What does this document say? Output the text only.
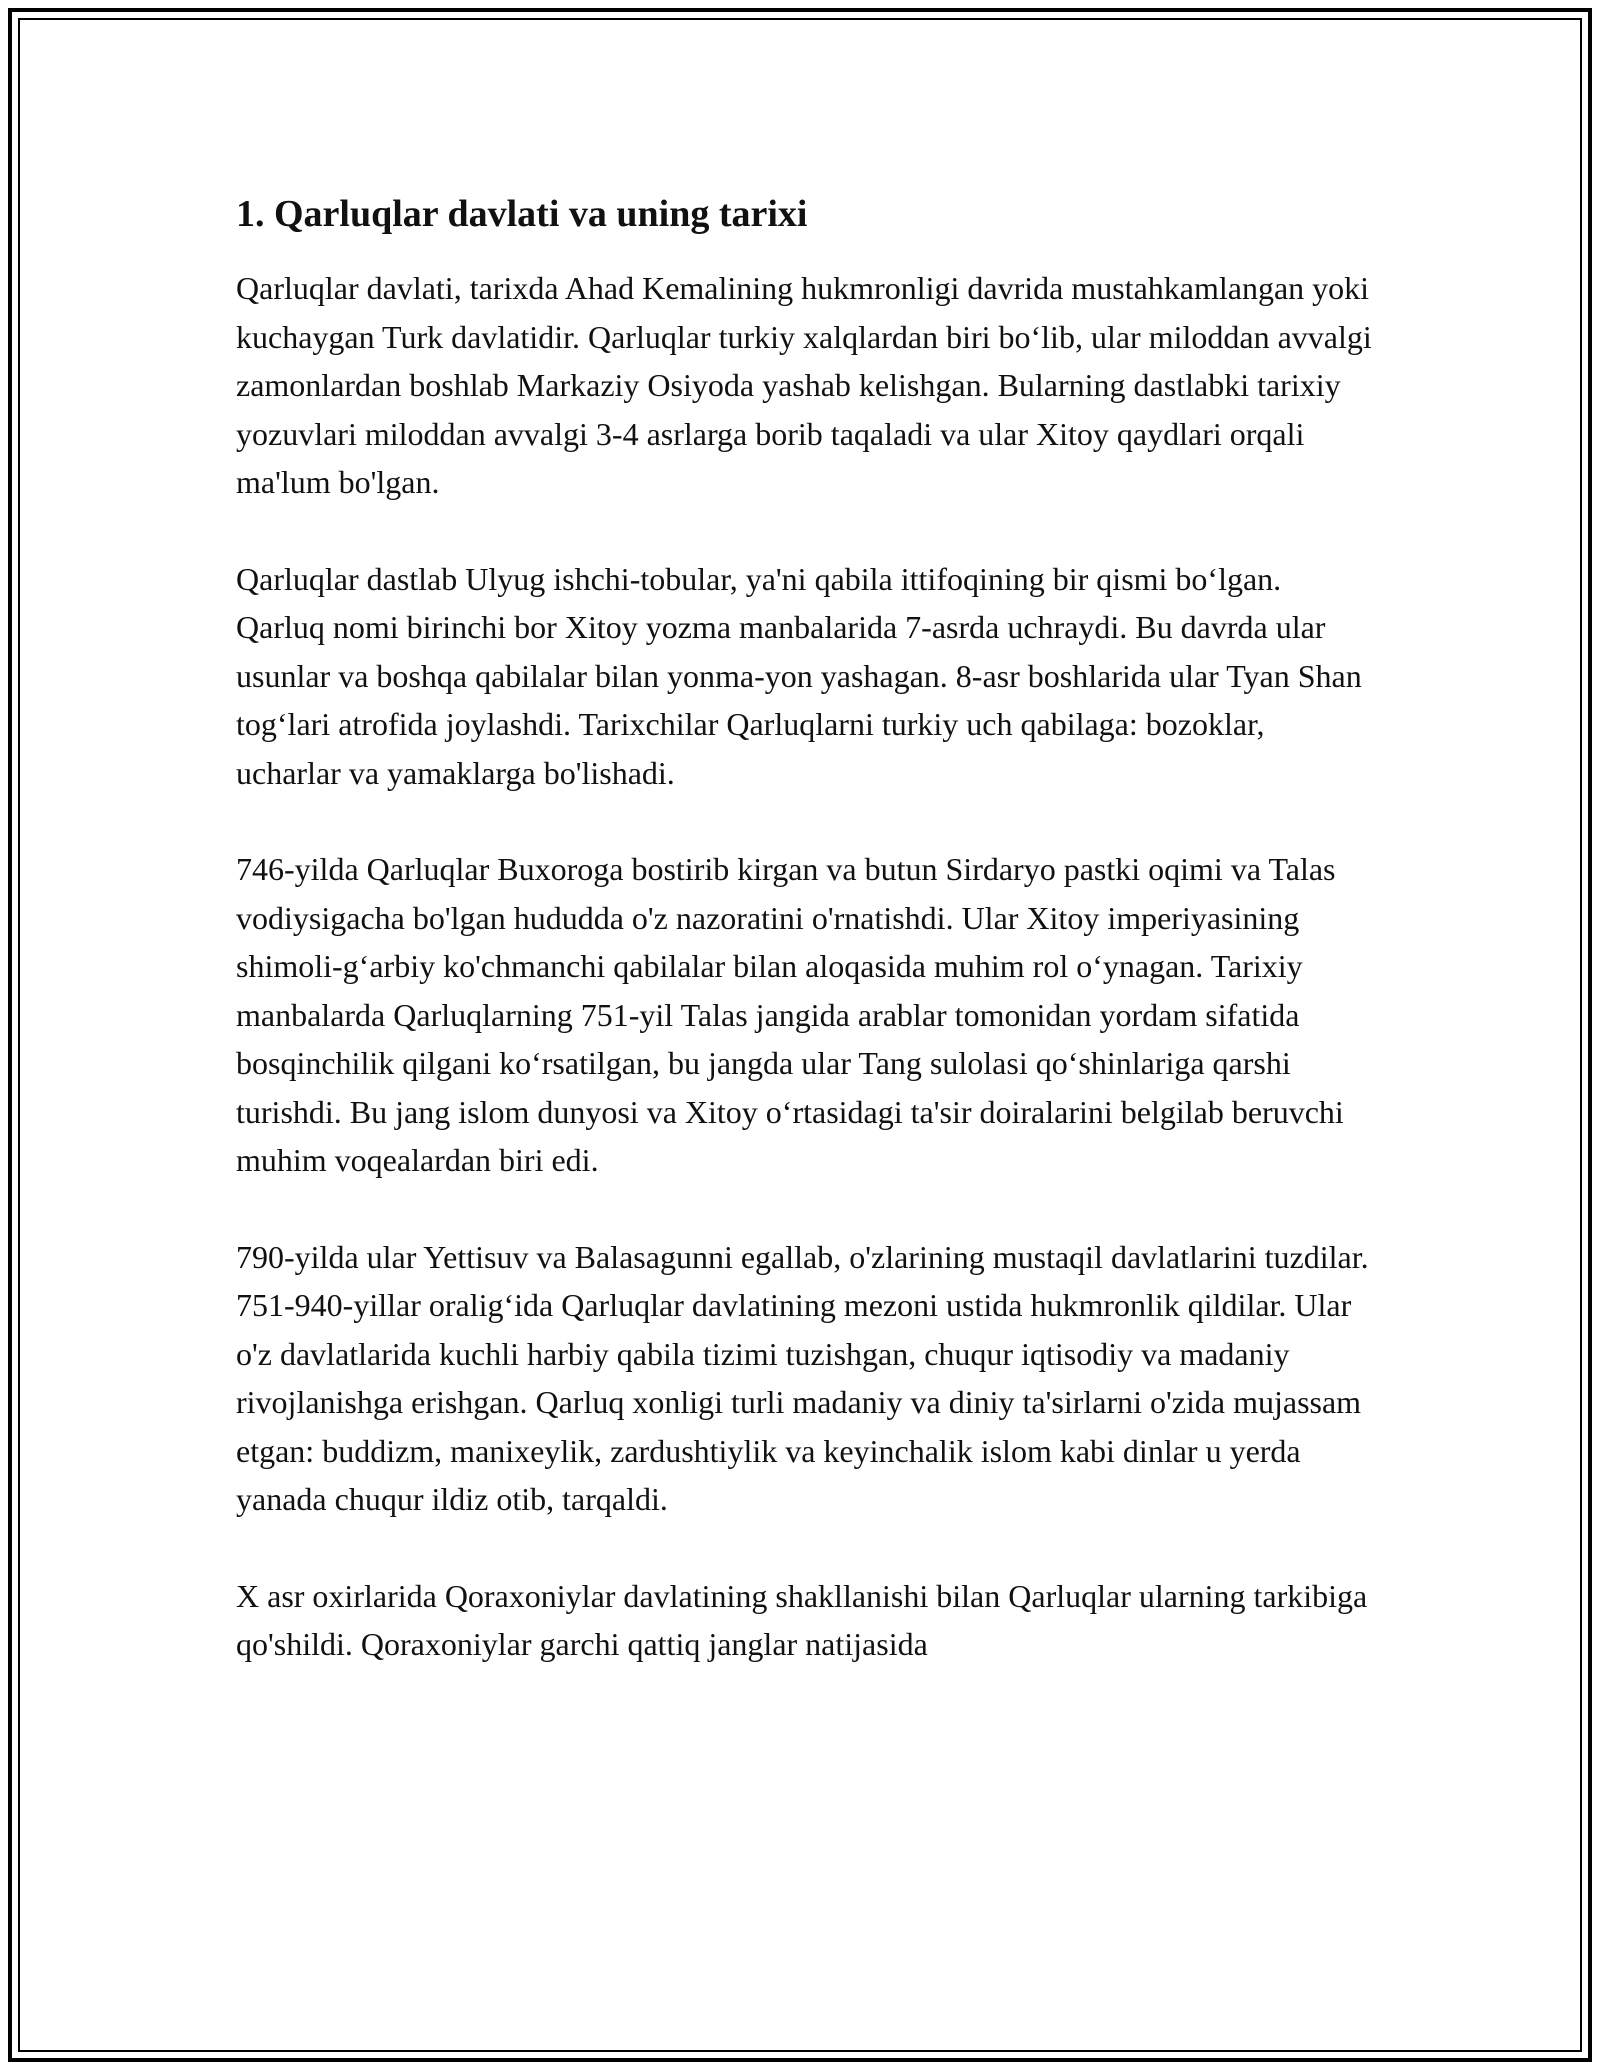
1. Qarluqlar davlati va uning tarixi

Qarluqlar davlati, tarixda Ahad Kemalining hukmronligi davrida mustahkamlangan yoki kuchaygan Turk davlatidir. Qarluqlar turkiy xalqlardan biri bo‘lib, ular miloddan avvalgi zamonlardan boshlab Markaziy Osiyoda yashab kelishgan. Bularning dastlabki tarixiy yozuvlari miloddan avvalgi 3-4 asrlarga borib taqaladi va ular Xitoy qaydlari orqali ma'lum bo'lgan.

Qarluqlar dastlab Ulyug ishchi-tobular, ya'ni qabila ittifoqining bir qismi bo‘lgan. Qarluq nomi birinchi bor Xitoy yozma manbalarida 7-asrda uchraydi. Bu davrda ular usunlar va boshqa qabilalar bilan yonma-yon yashagan. 8-asr boshlarida ular Tyan Shan tog‘lari atrofida joylashdi. Tarixchilar Qarluqlarni turkiy uch qabilaga: bozoklar, ucharlar va yamaklarga bo'lishadi.

746-yilda Qarluqlar Buxoroga bostirib kirgan va butun Sirdaryo pastki oqimi va Talas vodiysigacha bo'lgan hududda o'z nazoratini o'rnatishdi. Ular Xitoy imperiyasining shimoli-g‘arbiy ko'chmanchi qabilalar bilan aloqasida muhim rol o‘ynagan. Tarixiy manbalarda Qarluqlarning 751-yil Talas jangida arablar tomonidan yordam sifatida bosqinchilik qilgani ko‘rsatilgan, bu jangda ular Tang sulolasi qo‘shinlariga qarshi turishdi. Bu jang islom dunyosi va Xitoy o‘rtasidagi ta'sir doiralarini belgilab beruvchi muhim voqealardan biri edi.

790-yilda ular Yettisuv va Balasagunni egallab, o'zlarining mustaqil davlatlarini tuzdilar. 751-940-yillar oralig‘ida Qarluqlar davlatining mezoni ustida hukmronlik qildilar. Ular o'z davlatlarida kuchli harbiy qabila tizimi tuzishgan, chuqur iqtisodiy va madaniy rivojlanishga erishgan. Qarluq xonligi turli madaniy va diniy ta'sirlarni o'zida mujassam etgan: buddizm, manixeylik, zardushtiylik va keyinchalik islom kabi dinlar u yerda yanada chuqur ildiz otib, tarqaldi.

X asr oxirlarida Qoraxoniylar davlatining shakllanishi bilan Qarluqlar ularning tarkibiga qo'shildi. Qoraxoniylar garchi qattiq janglar natijasida
